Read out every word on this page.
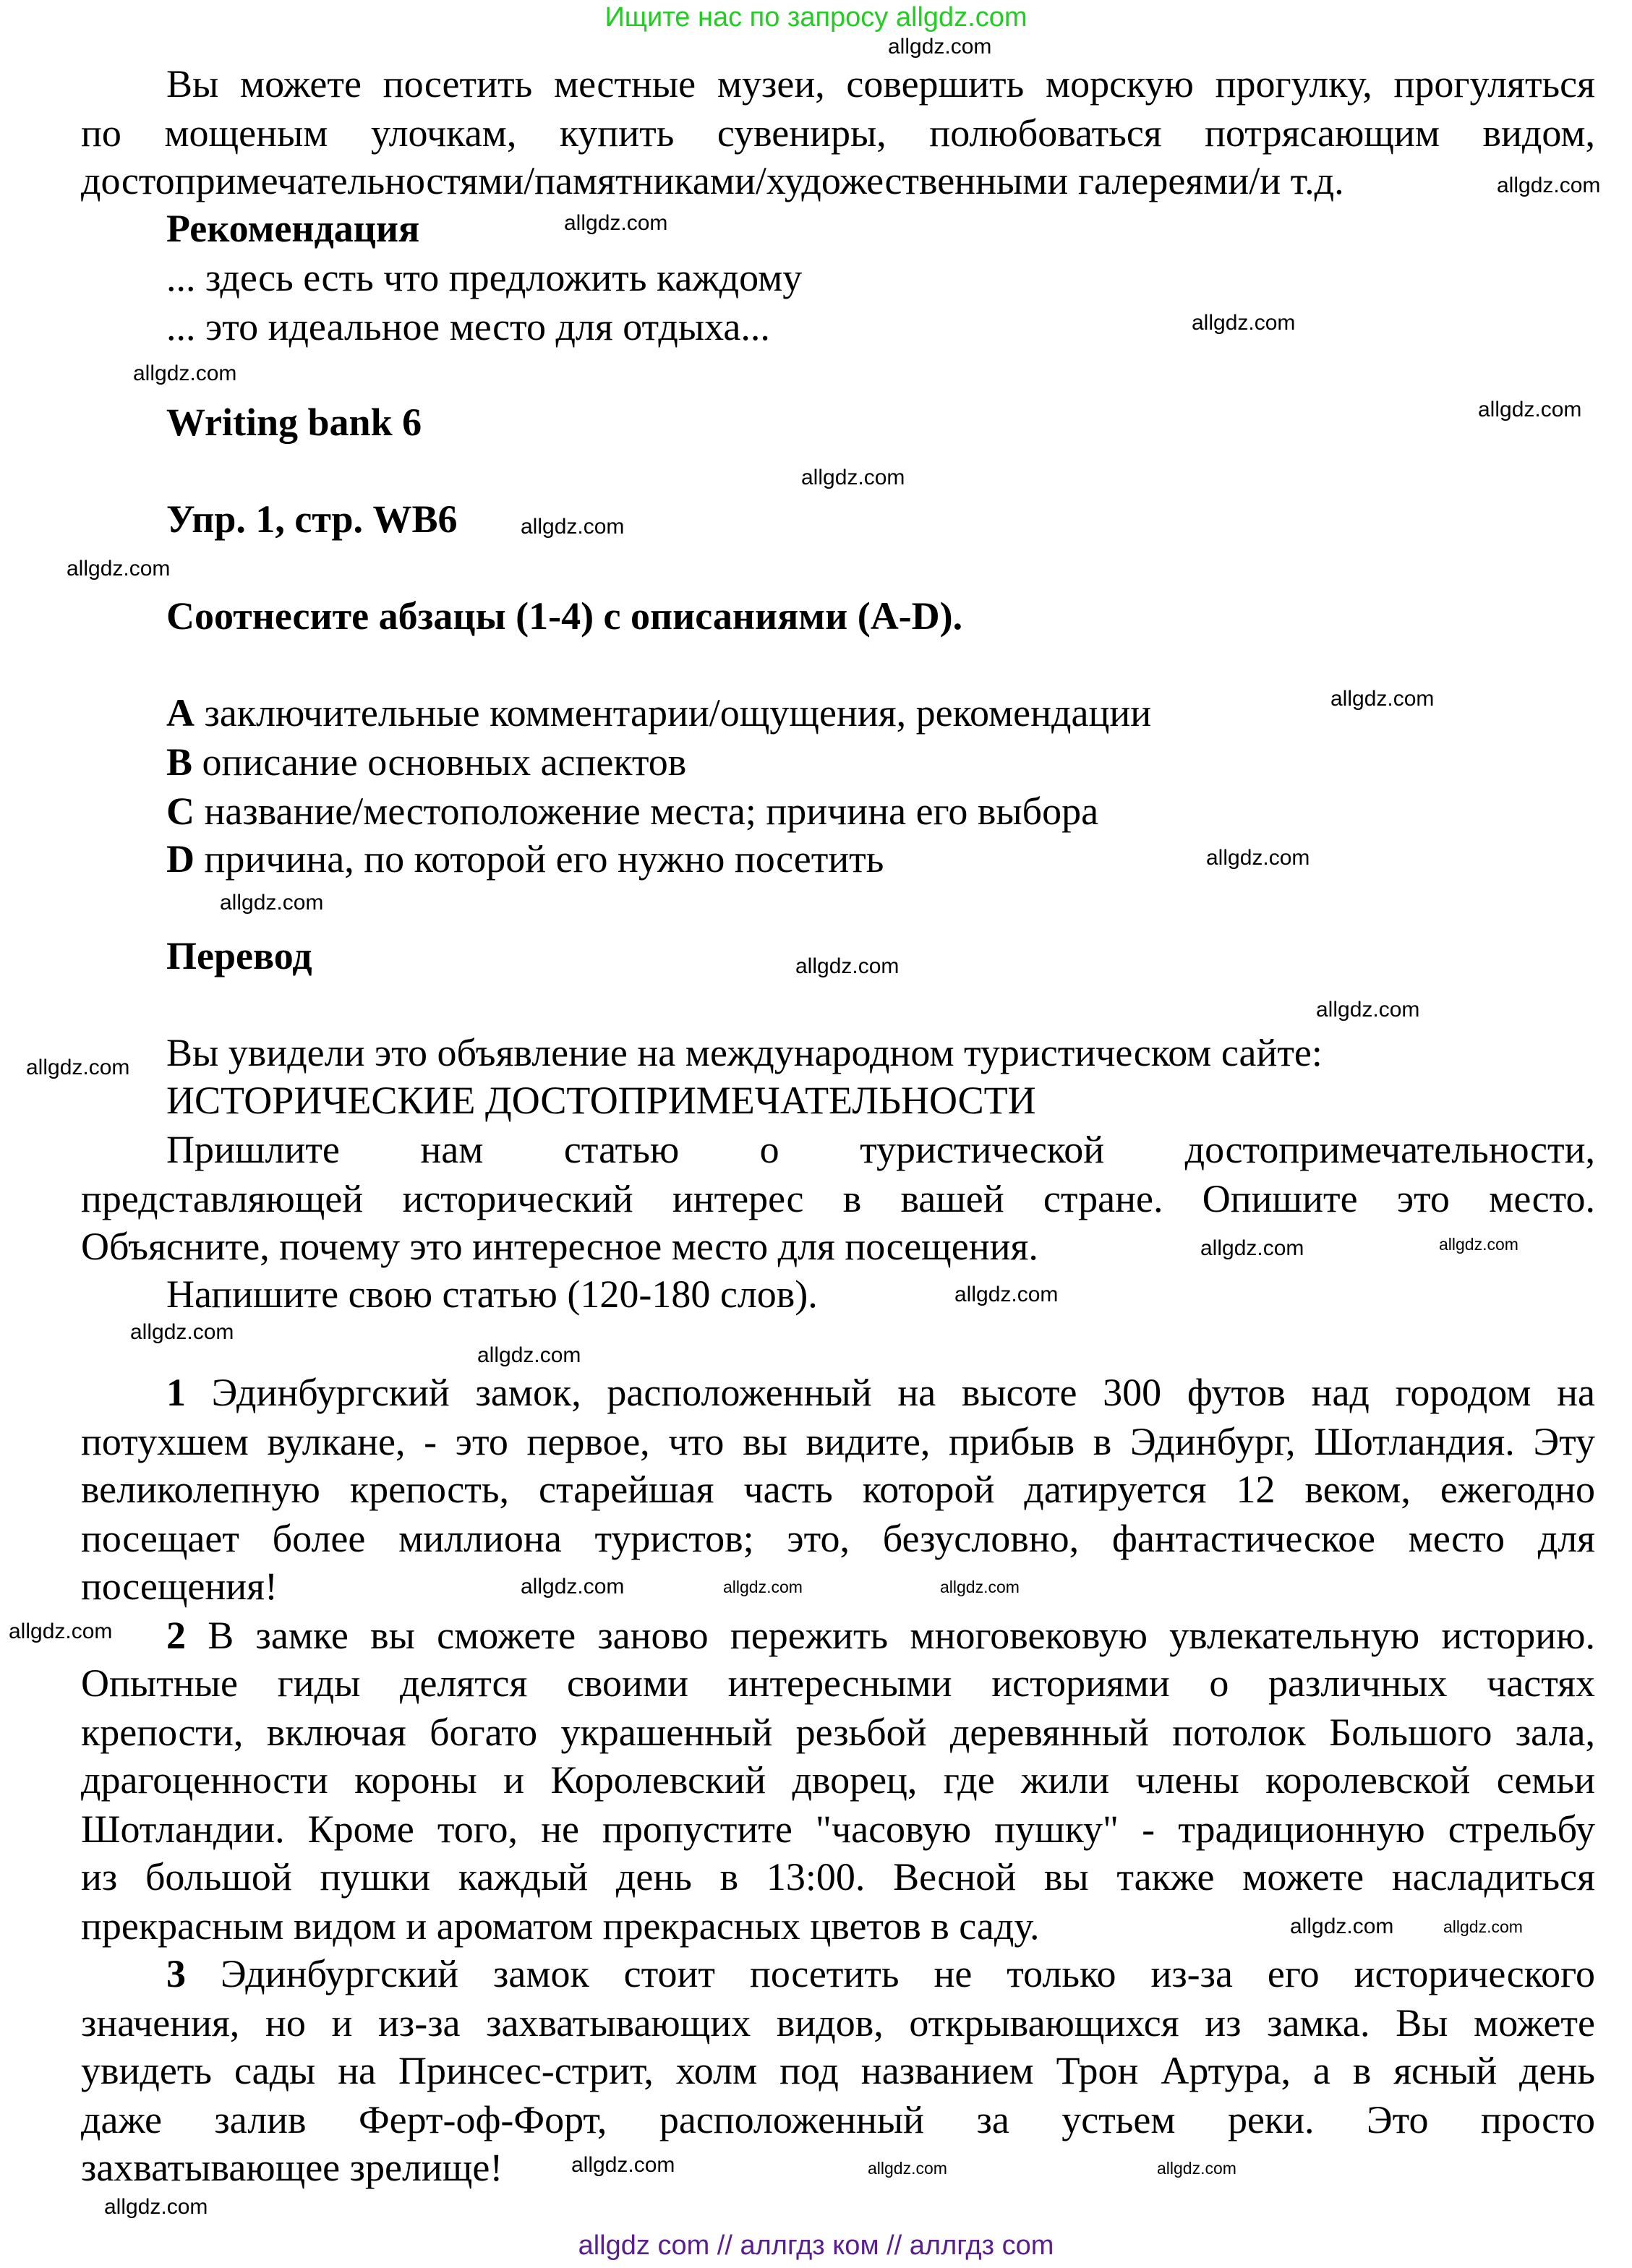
Ищите нас по запросу allgdz.com
Вы можете посетить местные музеи, совершить морскую прогулку, прогуляться
по мощеным улочкам, купить сувениры, полюбоваться потрясающим видом,
достопримечательностями/памятниками/художественными галереями/и т.д.
Рекомендация
... здесь есть что предложить каждому
... это идеальное место для отдыха...
Writing bank 6
Упр. 1, стр. WB6
Соотнесите абзацы (1-4) с описаниями (A-D).
A заключительные комментарии/ощущения, рекомендации
B описание основных аспектов
C название/местоположение места; причина его выбора
D причина, по которой его нужно посетить
Перевод
Вы увидели это объявление на международном туристическом сайте:
ИСТОРИЧЕСКИЕ ДОСТОПРИМЕЧАТЕЛЬНОСТИ
Пришлите нам статью о туристической достопримечательности,
представляющей исторический интерес в вашей стране. Опишите это место.
Объясните, почему это интересное место для посещения.
Напишите свою статью (120-180 слов).
1 Эдинбургский замок, расположенный на высоте 300 футов над городом на
потухшем вулкане, - это первое, что вы видите, прибыв в Эдинбург, Шотландия. Эту
великолепную крепость, старейшая часть которой датируется 12 веком, ежегодно
посещает более миллиона туристов; это, безусловно, фантастическое место для
посещения!
2 В замке вы сможете заново пережить многовековую увлекательную историю.
Опытные гиды делятся своими интересными историями о различных частях
крепости, включая богато украшенный резьбой деревянный потолок Большого зала,
драгоценности короны и Королевский дворец, где жили члены королевской семьи
Шотландии. Кроме того, не пропустите "часовую пушку" - традиционную стрельбу
из большой пушки каждый день в 13:00. Весной вы также можете насладиться
прекрасным видом и ароматом прекрасных цветов в саду.
3 Эдинбургский замок стоит посетить не только из-за его исторического
значения, но и из-за захватывающих видов, открывающихся из замка. Вы можете
увидеть сады на Принсес-стрит, холм под названием Трон Артура, а в ясный день
даже залив Ферт-оф-Форт, расположенный за устьем реки. Это просто
захватывающее зрелище!
allgdz.com
allgdz.com
allgdz.com
allgdz.com
allgdz.com
allgdz.com
allgdz.com
allgdz.com
allgdz.com
allgdz.com
allgdz.com
allgdz.com
allgdz.com
allgdz.com
allgdz.com
allgdz.com
allgdz.com
allgdz.com
allgdz.com
allgdz.com
allgdz.com
allgdz.com
allgdz.com
allgdz.com	allgdz.com
allgdz.com
allgdz.com	allgdz.com
allgdz.com
allgdz.com
allgdz com // аллгдз ком // аллгдз com
